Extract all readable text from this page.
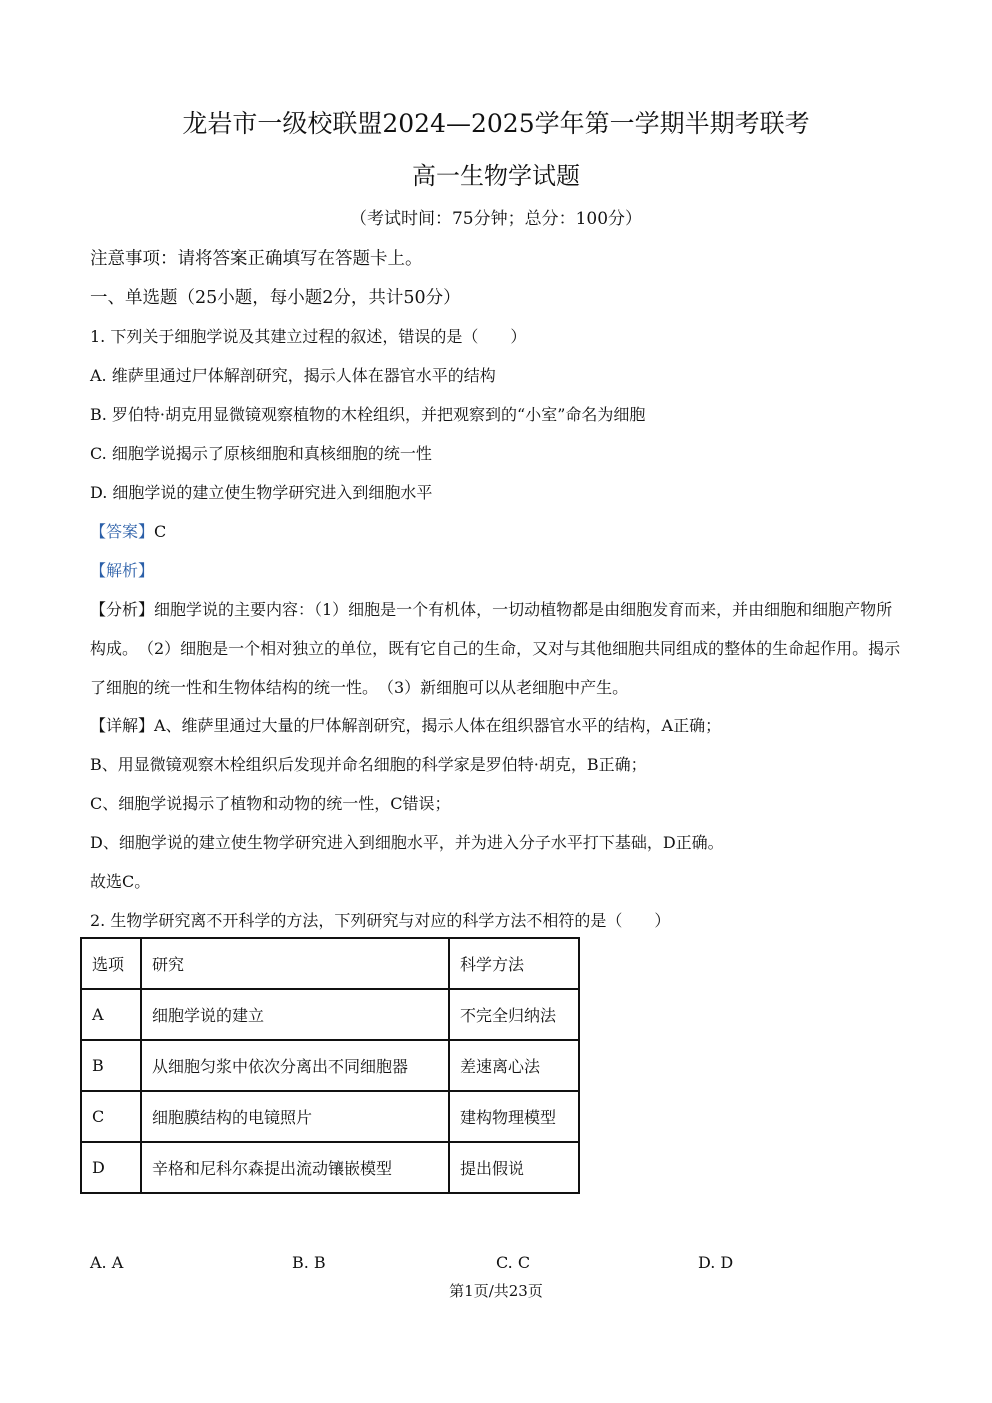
龙岩市一级校联盟2024—2025学年第一学期半期考联考
高一生物学试题
（考试时间：75分钟；总分：100分）
注意事项：请将答案正确填写在答题卡上。
一、单选题（25小题，每小题2分，共计50分）
1. 下列关于细胞学说及其建立过程的叙述，错误的是（　　）
A. 维萨里通过尸体解剖研究，揭示人体在器官水平的结构
B. 罗伯特·胡克用显微镜观察植物的木栓组织，并把观察到的“小室”命名为细胞
C. 细胞学说揭示了原核细胞和真核细胞的统一性
D. 细胞学说的建立使生物学研究进入到细胞水平
【答案】C
【解析】
【分析】细胞学说的主要内容：（1）细胞是一个有机体，一切动植物都是由细胞发育而来，并由细胞和细胞产物所构成。　（2）细胞是一个相对独立的单位，既有它自己的生命，又对与其他细胞共同组成的整体的生命起作用。揭示了细胞的统一性和生物体结构的统一性。　（3）新细胞可以从老细胞中产生。
【详解】A、维萨里通过大量的尸体解剖研究，揭示人体在组织器官水平的结构，A正确；
B、用显微镜观察木栓组织后发现并命名细胞的科学家是罗伯特·胡克，B正确；
C、细胞学说揭示了植物和动物的统一性，C错误；
D、细胞学说的建立使生物学研究进入到细胞水平，并为进入分子水平打下基础，D正确。
故选C。
2. 生物学研究离不开科学的方法，下列研究与对应的科学方法不相符的是（　　）
选项	研究	科学方法
A	细胞学说的建立	不完全归纳法
B	从细胞匀浆中依次分离出不同细胞器	差速离心法
C	细胞膜结构的电镜照片	建构物理模型
D	辛格和尼科尔森提出流动镶嵌模型	提出假说
A. A	B. B	C. C	D. D
第1页/共23页
